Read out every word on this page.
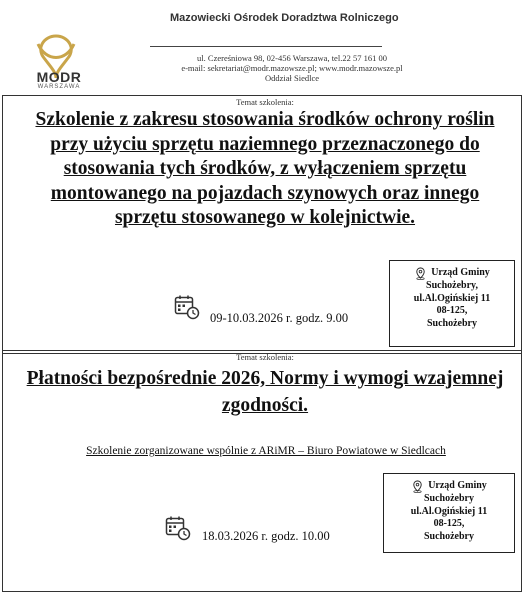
MODR
WARSZAWA
Mazowiecki Ośrodek Doradztwa Rolniczego
ul. Czereśniowa 98, 02-456 Warszawa, tel.22 57 161 00
e-mail: sekretariat@modr.mazowsze.pl; www.modr.mazowsze.pl
Oddział Siedlce
Temat szkolenia:
Szkolenie z zakresu stosowania środków ochrony roślin przy użyciu sprzętu naziemnego przeznaczonego do stosowania tych środków, z wyłączeniem sprzętu montowanego na pojazdach szynowych oraz innego sprzętu stosowanego w kolejnictwie.
Urząd Gminy
Suchożebry,
ul.Al.Ogińskiej 11
08-125,
Suchożebry
09-10.03.2026 r. godz. 9.00
Temat szkolenia:
Płatności bezpośrednie 2026, Normy i wymogi wzajemnej zgodności.
Szkolenie zorganizowane wspólnie z ARiMR – Biuro Powiatowe w Siedlcach
Urząd Gminy
Suchożebry
ul.Al.Ogińskiej 11
08-125,
Suchożebry
18.03.2026 r. godz. 10.00
